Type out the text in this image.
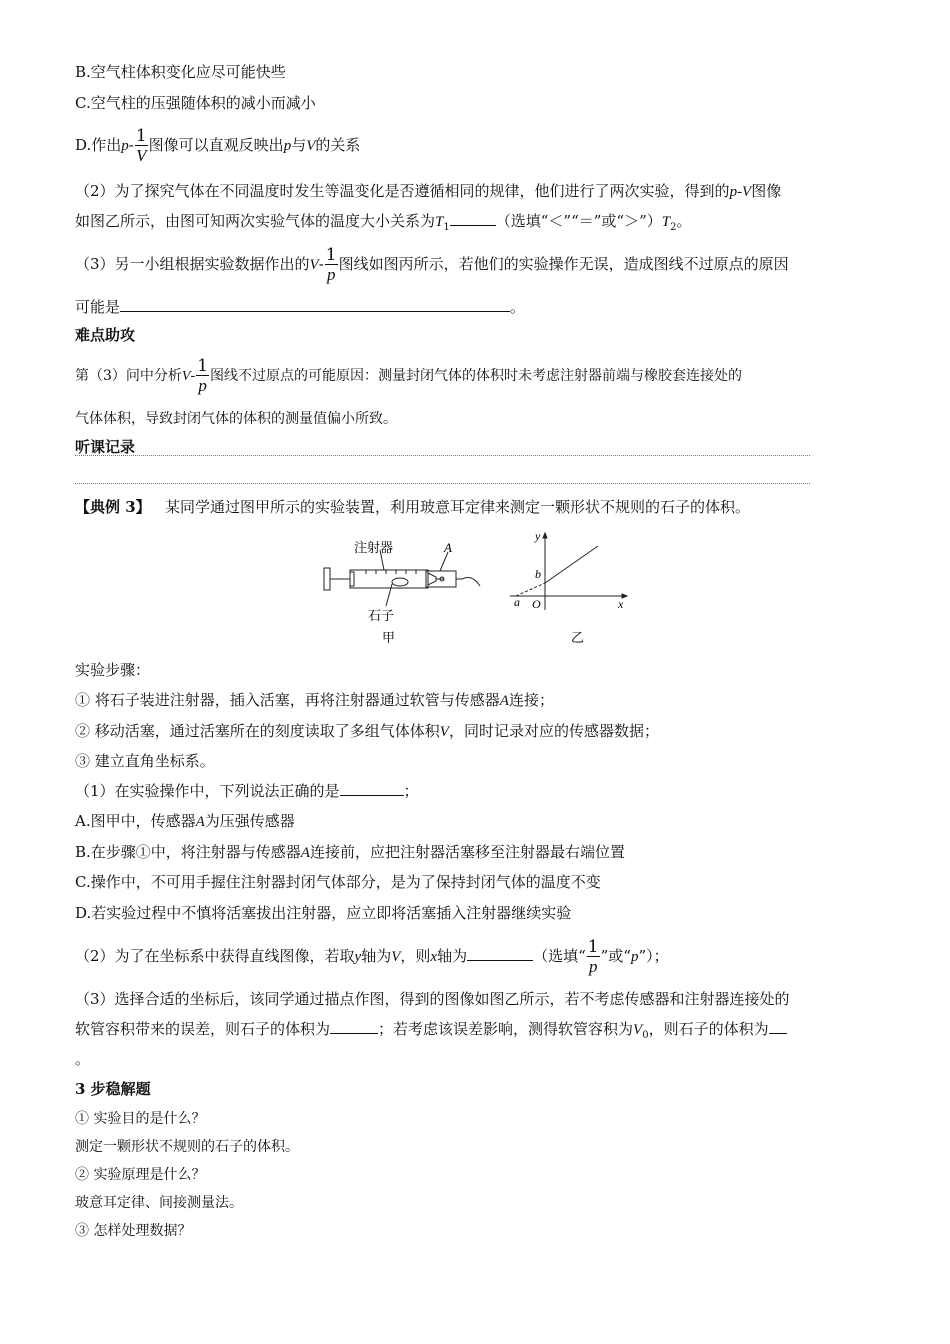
B.空气柱体积变化应尽可能快些
C.空气柱的压强随体积的减小而减小
D.作出$p- \frac{1}{V}$ 图像可以直观反映出p与V的关系
（2）为了探究气体在不同温度时发生等温变化是否遵循相同的规律，他们进行了两次实验，得到的p-V图像
如图乙所示，由图可知两次实验气体的温度大小关系为$T_1$	（选填“＜”“＝”或“$>”)T_2$。
（3）另一小组根据实验数据作出的$V- \frac{1}{p}$ 图线如图丙所示，若他们的实验操作无误，造成图线不过原点的原因
可能是	。
难点助攻
第（3）问中分析$V- \frac{1}{p}$ 图线不过原点的可能原因：测量封闭气体的体积时未考虑注射器前端与橡胶套连接处的
气体体积，导致封闭气体的体积的测量值偏小所致。
听课记录
【典例 3】 某同学通过图甲所示的实验装置，利用玻意耳定律来测定一颗形状不规则的石子的体积。
注射器	A
石子
甲
y
x
b
a O
乙
实验步骤：
① 将石子装进注射器，插入活塞，再将注射器通过软管与传感器A连接；
② 移动活塞，通过活塞所在的刻度读取了多组气体体积V，同时记录对应的传感器数据；
③ 建立直角坐标系。
（1）在实验操作中，下列说法正确的是	；
A.图甲中，传感器A为压强传感器
B.在步骤①中，将注射器与传感器A连接前，应把注射器活塞移至注射器最右端位置
C.操作中，不可用手握住注射器封闭气体部分，是为了保持封闭气体的温度不变
D.若实验过程中不慎将活塞拔出注射器，应立即将活塞插入注射器继续实验
（2）为了在坐标系中获得直线图像，若取y轴为V，则x轴为	（选填“ $\frac{1}{p}$ ”或“p”）；
（3）选择合适的坐标后，该同学通过描点作图，得到的图像如图乙所示，若不考虑传感器和注射器连接处的
软管容积带来的误差，则石子的体积为	；若考虑该误差影响，测得软管容积为$V_0$，则石子的体积为
。
3 步稳解题
① 实验目的是什么？
测定一颗形状不规则的石子的体积。
② 实验原理是什么？
玻意耳定律、间接测量法。
③ 怎样处理数据？
